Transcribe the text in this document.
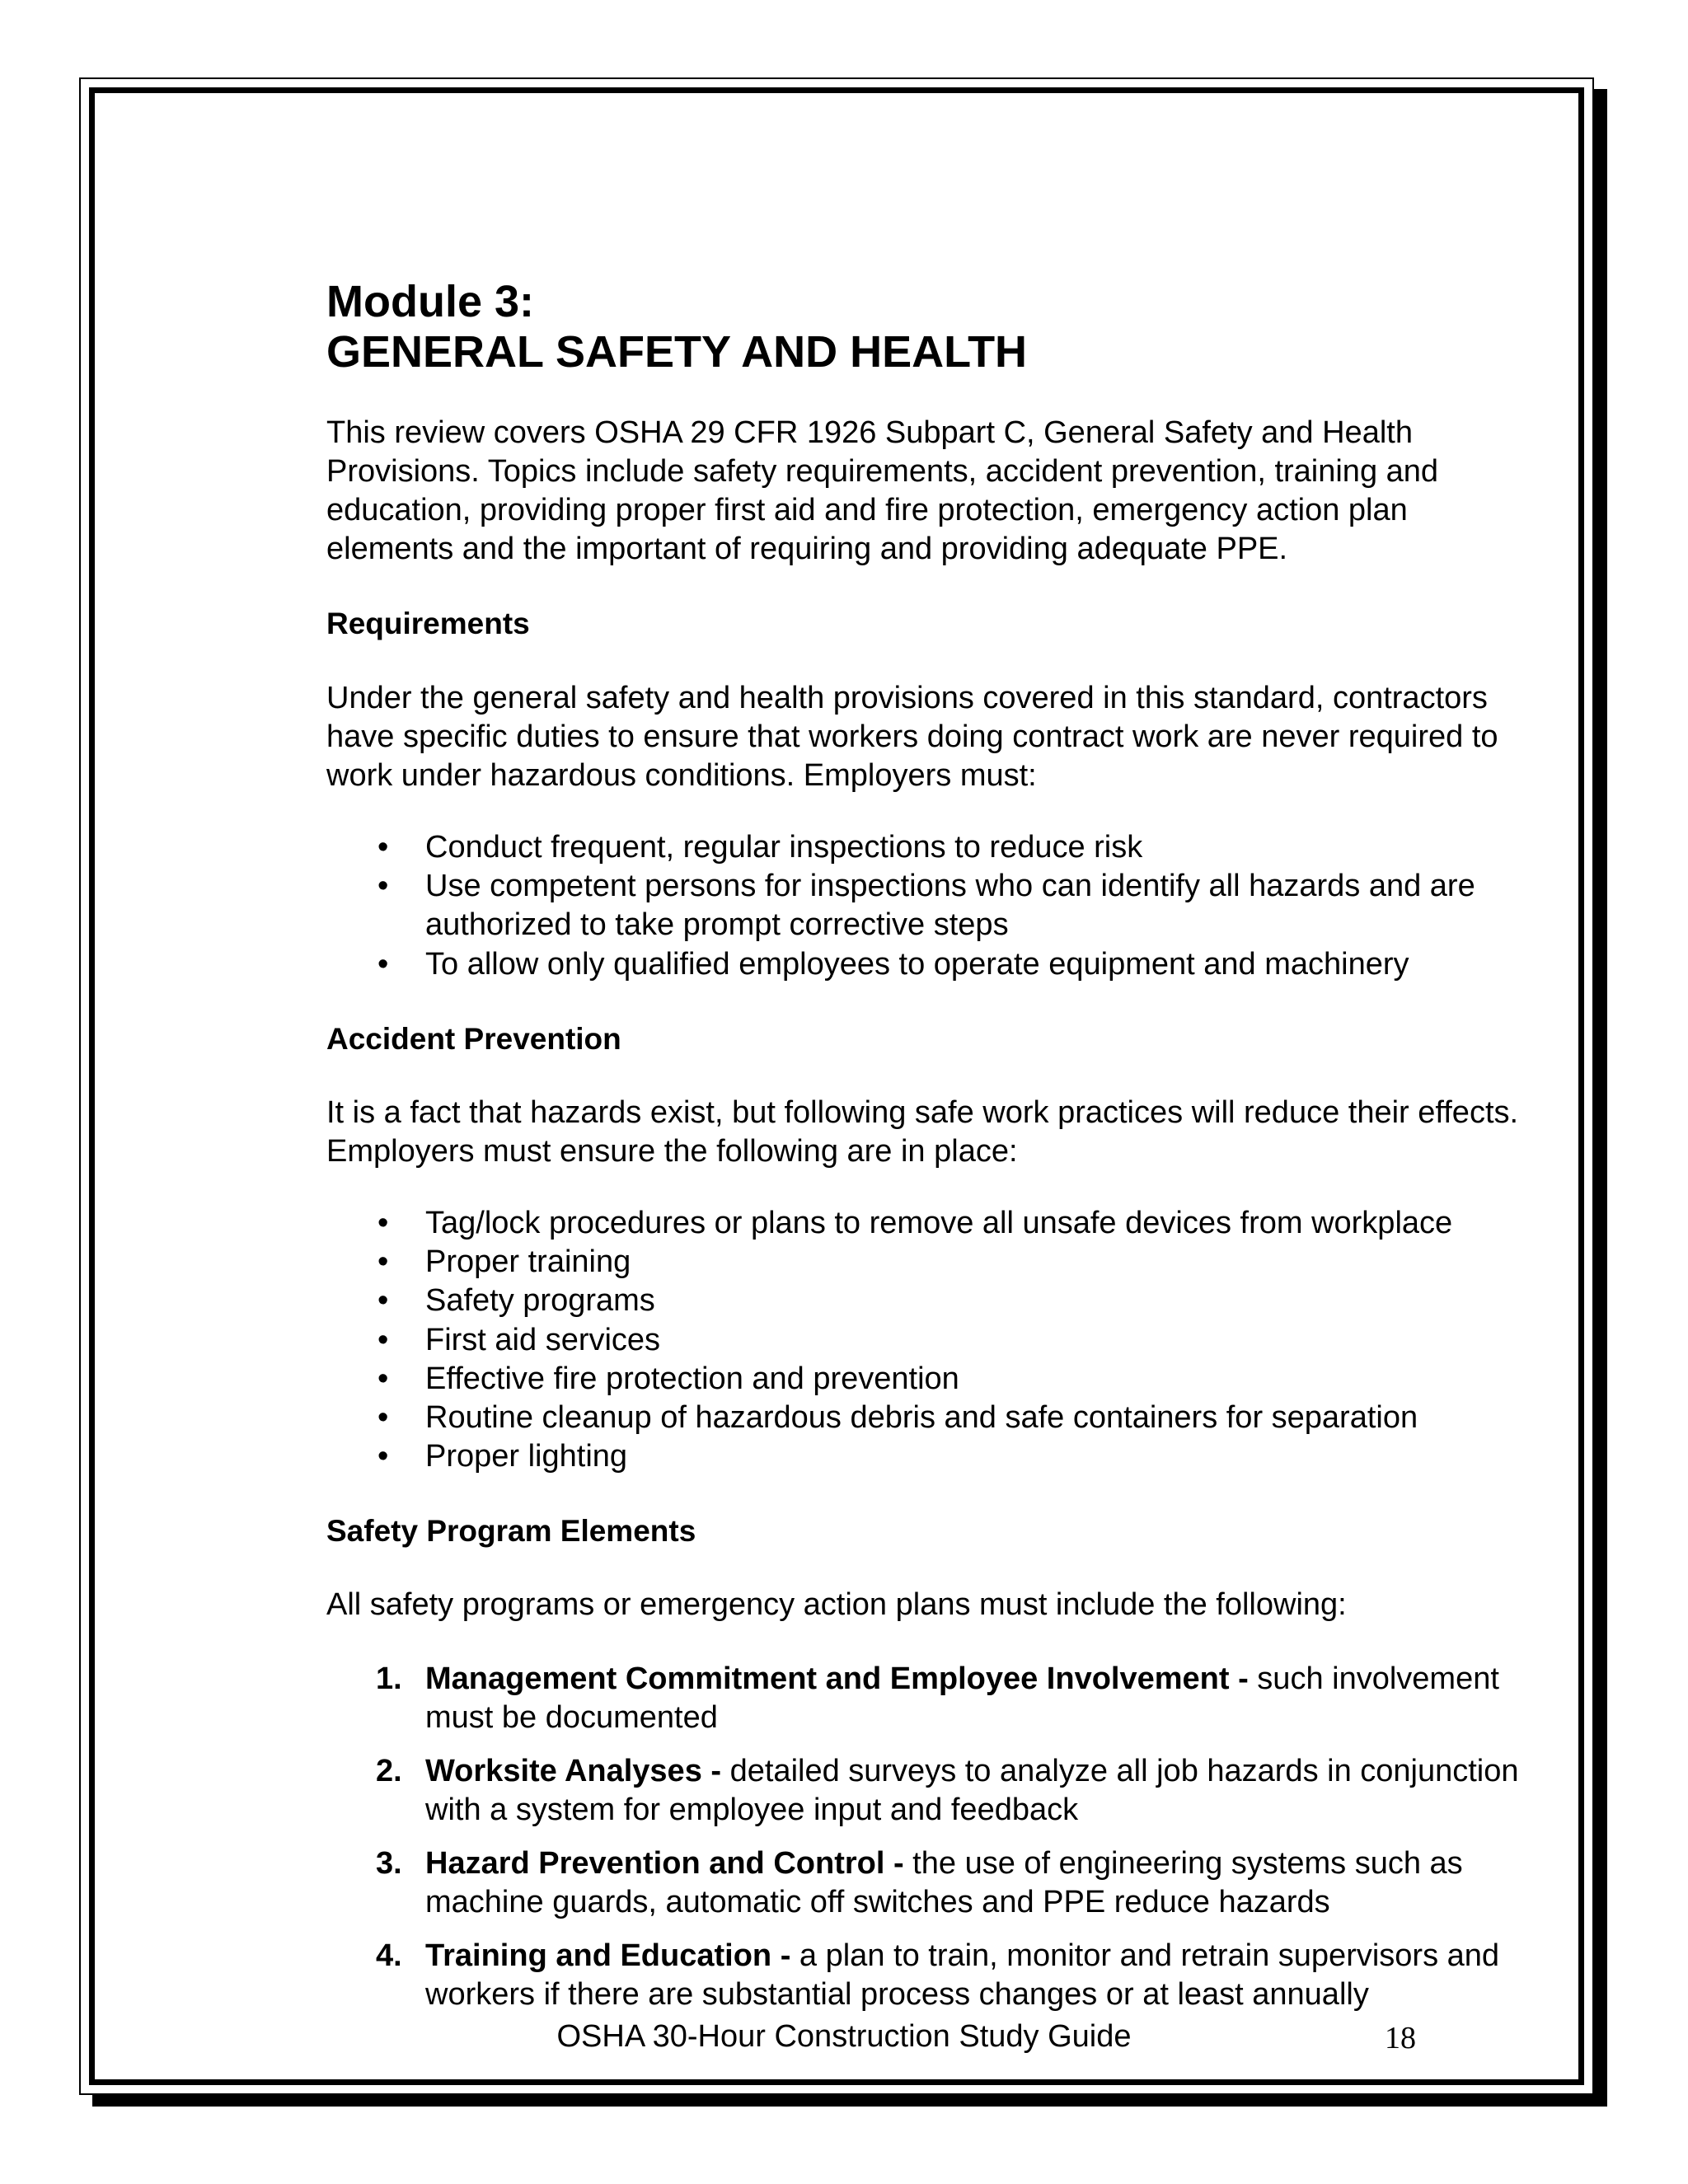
Module 3:
GENERAL SAFETY AND HEALTH

This review covers OSHA 29 CFR 1926 Subpart C, General Safety and Health Provisions. Topics include safety requirements, accident prevention, training and education, providing proper first aid and fire protection, emergency action plan elements and the important of requiring and providing adequate PPE.

Requirements

Under the general safety and health provisions covered in this standard, contractors have specific duties to ensure that workers doing contract work are never required to work under hazardous conditions. Employers must:

•	Conduct frequent, regular inspections to reduce risk
•	Use competent persons for inspections who can identify all hazards and are authorized to take prompt corrective steps
•	To allow only qualified employees to operate equipment and machinery
Accident Prevention

It is a fact that hazards exist, but following safe work practices will reduce their effects. Employers must ensure the following are in place:

•	Tag/lock procedures or plans to remove all unsafe devices from workplace
•	Proper training
•	Safety programs
•	First aid services
•	Effective fire protection and prevention
•	Routine cleanup of hazardous debris and safe containers for separation
•	Proper lighting
Safety Program Elements

All safety programs or emergency action plans must include the following:

1. Management Commitment and Employee Involvement - such involvement must be documented
2. Worksite Analyses - detailed surveys to analyze all job hazards in conjunction with a system for employee input and feedback
3. Hazard Prevention and Control - the use of engineering systems such as machine guards, automatic off switches and PPE reduce hazards
4. Training and Education - a plan to train, monitor and retrain supervisors and workers if there are substantial process changes or at least annually
OSHA 30-Hour Construction Study Guide	18
